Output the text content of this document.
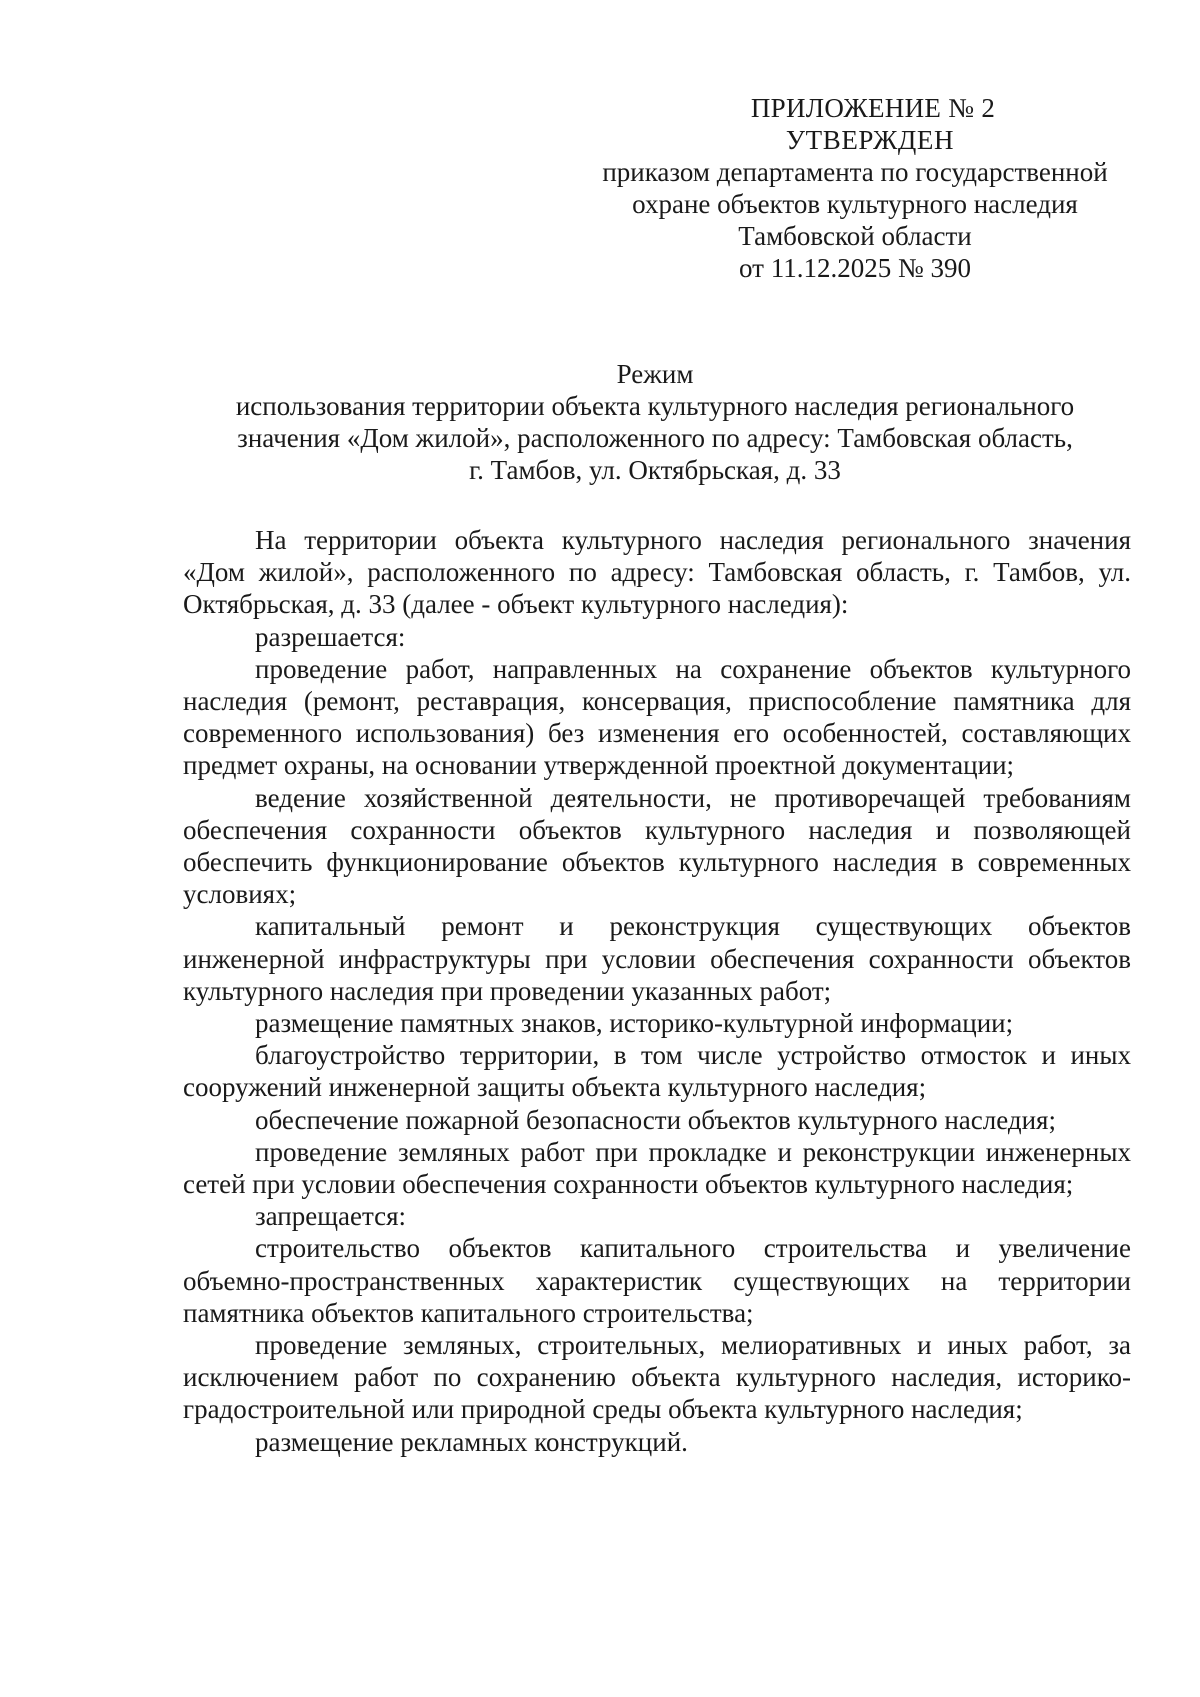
ПРИЛОЖЕНИЕ № 2
УТВЕРЖДЕН
приказом департамента по государственной
охране объектов культурного наследия
Тамбовской области
от 11.12.2025 № 390
Режим
использования территории объекта культурного наследия регионального
значения «Дом жилой», расположенного по адресу: Тамбовская область,
г. Тамбов, ул. Октябрьская, д. 33

На территории объекта культурного наследия регионального значения «Дом жилой», расположенного по адресу: Тамбовская область, г. Тамбов, ул. Октябрьская, д. 33 (далее - объект культурного наследия):

разрешается:

проведение работ, направленных на сохранение объектов культурного наследия (ремонт, реставрация, консервация, приспособление памятника для современного использования) без изменения его особенностей, составляющих предмет охраны, на основании утвержденной проектной документации;

ведение хозяйственной деятельности, не противоречащей требованиям обеспечения сохранности объектов культурного наследия и позволяющей обеспечить функционирование объектов культурного наследия в современных условиях;

капитальный ремонт и реконструкция существующих объектов инженерной инфраструктуры при условии обеспечения сохранности объектов культурного наследия при проведении указанных работ;

размещение памятных знаков, историко-культурной информации;

благоустройство территории, в том числе устройство отмосток и иных сооружений инженерной защиты объекта культурного наследия;

обеспечение пожарной безопасности объектов культурного наследия;

проведение земляных работ при прокладке и реконструкции инженерных сетей при условии обеспечения сохранности объектов культурного наследия;

запрещается:

строительство объектов капитального строительства и увеличение объемно-пространственных характеристик существующих на территории памятника объектов капитального строительства;

проведение земляных, строительных, мелиоративных и иных работ, за исключением работ по сохранению объекта культурного наследия, историко-градостроительной или природной среды объекта культурного наследия;

размещение рекламных конструкций.
